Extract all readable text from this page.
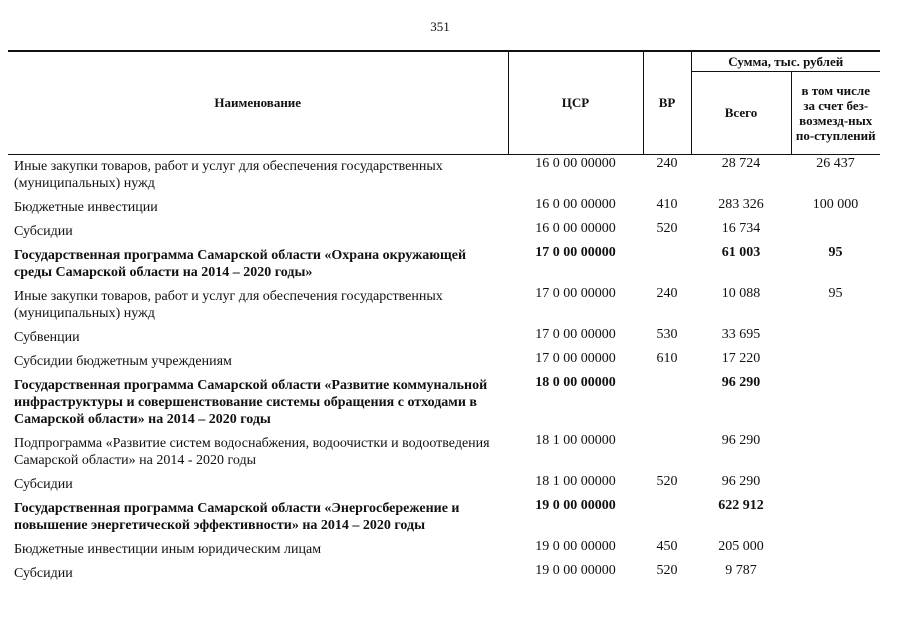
351
Наименование	ЦСР	ВР	Сумма, тыс. рублей	
			Всего	в том числе за счет без-возмезд-ных по-ступлений
Иные закупки товаров, работ и услуг для обеспечения государственных (муниципальных) нужд	16 0 00 00000	240	28 724	26 437
Бюджетные инвестиции	16 0 00 00000	410	283 326	100 000
Субсидии	16 0 00 00000	520	16 734	
Государственная программа Самарской области «Охрана окружающей среды Самарской области на 2014 – 2020 годы»	17 0 00 00000		61 003	95
Иные закупки товаров, работ и услуг для обеспечения государственных (муниципальных) нужд	17 0 00 00000	240	10 088	95
Субвенции	17 0 00 00000	530	33 695	
Субсидии бюджетным учреждениям	17 0 00 00000	610	17 220	
Государственная программа Самарской области «Развитие коммунальной инфраструктуры и совершенствование системы обращения с отходами в Самарской области» на 2014 – 2020 годы	18 0 00 00000		96 290	
Подпрограмма «Развитие систем водоснабжения, водоочистки и водоотведения Самарской области» на 2014 - 2020 годы	18 1 00 00000		96 290	
Субсидии	18 1 00 00000	520	96 290	
Государственная программа Самарской области «Энергосбережение и повышение энергетической эффективности» на 2014 – 2020 годы	19 0 00 00000		622 912	
Бюджетные инвестиции иным юридическим лицам	19 0 00 00000	450	205 000	
Субсидии	19 0 00 00000	520	9 787	
